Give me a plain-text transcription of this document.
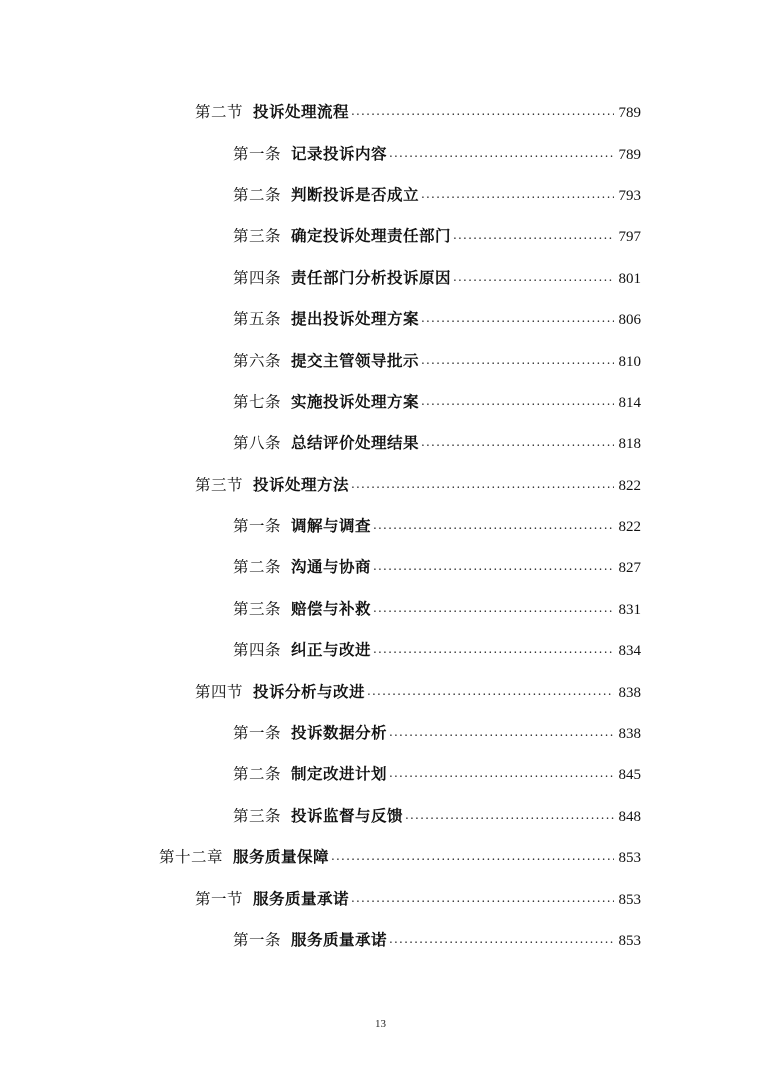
第二节 投诉处理流程 .....	789
第一条 记录投诉内容 .....	789
第二条 判断投诉是否成立 .....	793
第三条 确定投诉处理责任部门 .....	797
第四条 责任部门分析投诉原因 .....	801
第五条 提出投诉处理方案 .....	806
第六条 提交主管领导批示 .....	810
第七条 实施投诉处理方案 .....	814
第八条 总结评价处理结果 .....	818
第三节 投诉处理方法 .....	822
第一条 调解与调查 .....	822
第二条 沟通与协商 .....	827
第三条 赔偿与补救 .....	831
第四条 纠正与改进 .....	834
第四节 投诉分析与改进 .....	838
第一条 投诉数据分析 .....	838
第二条 制定改进计划 .....	845
第三条 投诉监督与反馈 .....	848
第十二章 服务质量保障 .....	853
第一节 服务质量承诺 .....	853
第一条 服务质量承诺 .....	853
13
